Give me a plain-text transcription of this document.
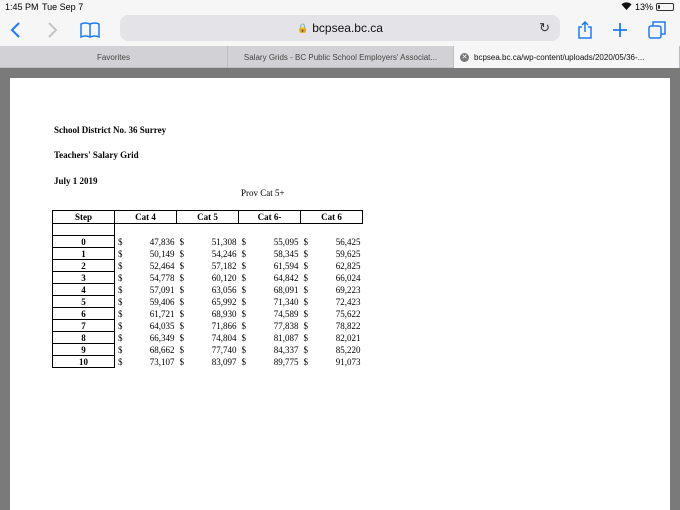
1:45 PM Tue Sep 7	13%
🔒 bcpsea.bc.ca	↻
Favorites	Salary Grids - BC Public School Employers' Associat...	✕ bcpsea.bc.ca/wp-content/uploads/2020/05/36-...
School District No. 36 Surrey
Teachers' Salary Grid
July 1 2019
Prov Cat 5+
Step	Cat 4		Cat 5		Cat 6-		Cat 6	

0	$	47,836	$	51,308	$	55,095	$	56,425
1	$	50,149	$	54,246	$	58,345	$	59,625
2	$	52,464	$	57,182	$	61,594	$	62,825
3	$	54,778	$	60,120	$	64,842	$	66,024
4	$	57,091	$	63,056	$	68,091	$	69,223
5	$	59,406	$	65,992	$	71,340	$	72,423
6	$	61,721	$	68,930	$	74,589	$	75,622
7	$	64,035	$	71,866	$	77,838	$	78,822
8	$	66,349	$	74,804	$	81,087	$	82,021
9	$	68,662	$	77,740	$	84,337	$	85,220
10	$	73,107	$	83,097	$	89,775	$	91,073
